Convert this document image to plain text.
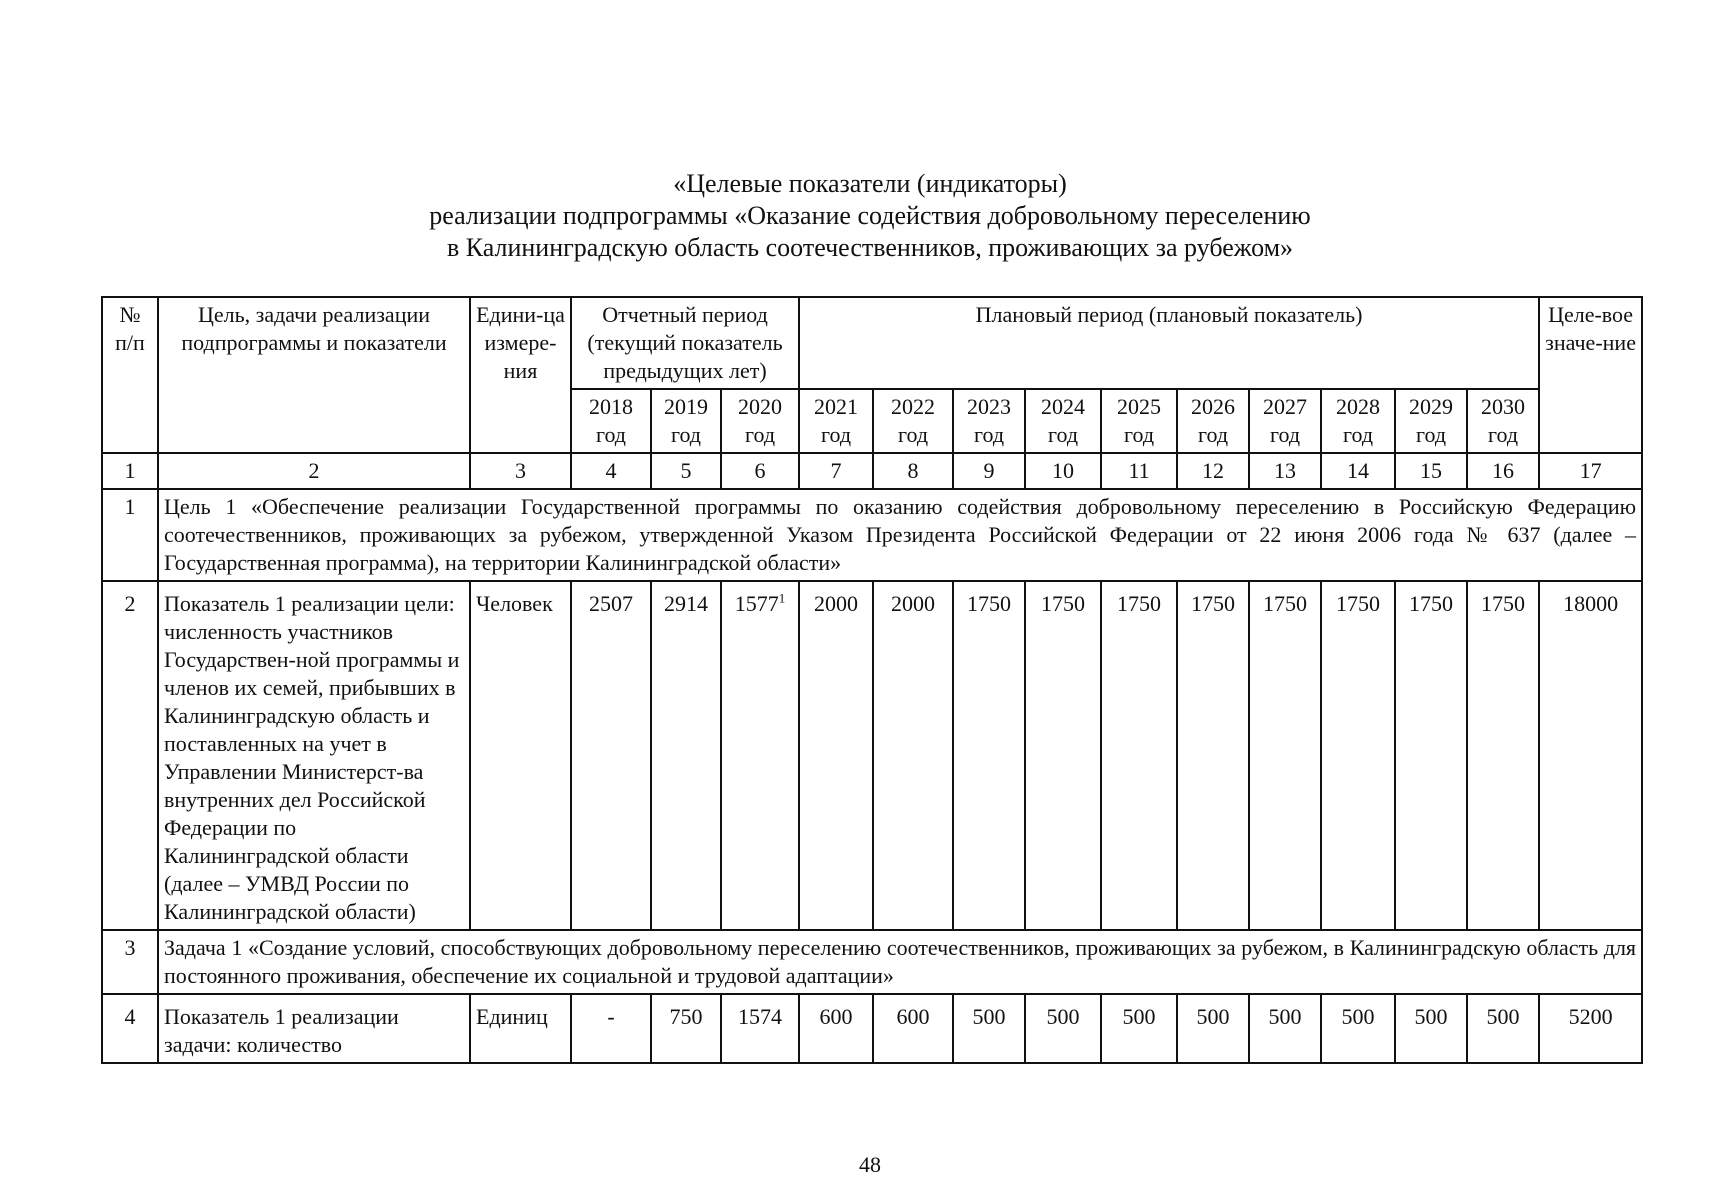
«Целевые показатели (индикаторы)
реализации подпрограммы «Оказание содействия добровольному переселению
в Калининградскую область соотечественников, проживающих за рубежом»
№ п/п	Цель, задачи реализации подпрограммы и показатели	Едини-ца измере-ния	Отчетный период (текущий показатель предыдущих лет)			Плановый период (плановый показатель)										Целе-вое значе-ние
			2018 год	2019 год	2020 год	2021 год	2022 год	2023 год	2024 год	2025 год	2026 год	2027 год	2028 год	2029 год	2030 год	
1	2	3	4	5	6	7	8	9	10	11	12	13	14	15	16	17
1	Цель 1 «Обеспечение реализации Государственной программы по оказанию содействия добровольному переселению в Российскую Федерацию соотечественников, проживающих за рубежом, утвержденной Указом Президента Российской Федерации от 22 июня 2006 года № 637 (далее – Государственная программа), на территории Калининградской области»															
2	Показатель 1 реализации цели: численность участников Государствен-ной программы и членов их семей, прибывших в Калининградскую область и поставленных на учет в Управлении Министерст-ва внутренних дел Российской Федерации по Калининградской области (далее – УМВД России по Калининградской области)	Человек	2507	2914	1577$^1$	2000	2000	1750	1750	1750	1750	1750	1750	1750	1750	18000
3	Задача 1 «Создание условий, способствующих добровольному переселению соотечественников, проживающих за рубежом, в Калининградскую область для постоянного проживания, обеспечение их социальной и трудовой адаптации»															
4	Показатель 1 реализации задачи: количество	Единиц	-	750	1574	600	600	500	500	500	500	500	500	500	500	5200
48
